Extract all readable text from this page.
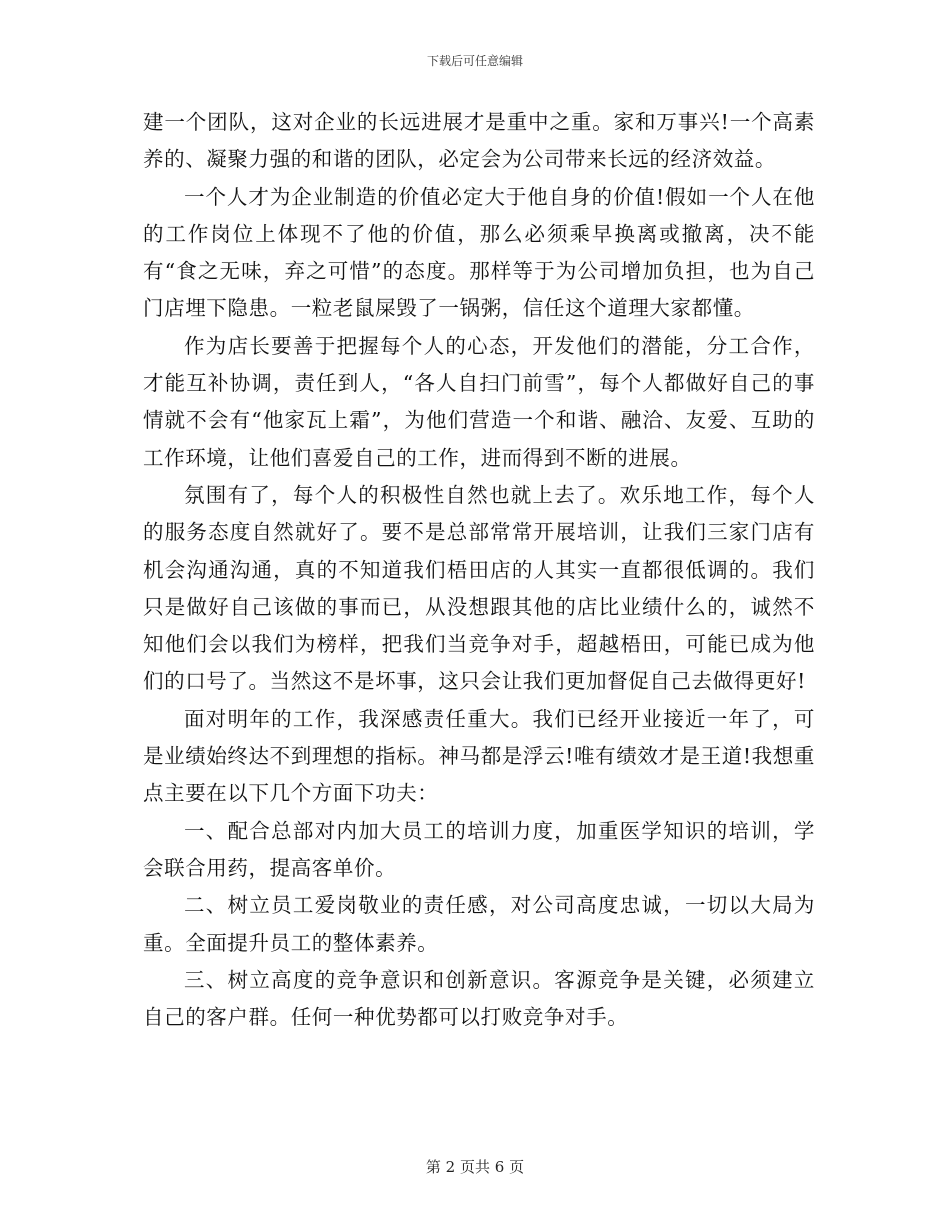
下载后可任意编辑

建一个团队，这对企业的长远进展才是重中之重。家和万事兴!一个高素养的、凝聚力强的和谐的团队，必定会为公司带来长远的经济效益。

一个人才为企业制造的价值必定大于他自身的价值!假如一个人在他的工作岗位上体现不了他的价值，那么必须乘早换离或撤离，决不能有“食之无味，弃之可惜”的态度。那样等于为公司增加负担，也为自己门店埋下隐患。一粒老鼠屎毁了一锅粥，信任这个道理大家都懂。

作为店长要善于把握每个人的心态，开发他们的潜能，分工合作，才能互补协调，责任到人，“各人自扫门前雪”，每个人都做好自己的事情就不会有“他家瓦上霜”，为他们营造一个和谐、融洽、友爱、互助的工作环境，让他们喜爱自己的工作，进而得到不断的进展。

氛围有了，每个人的积极性自然也就上去了。欢乐地工作，每个人的服务态度自然就好了。要不是总部常常开展培训，让我们三家门店有机会沟通沟通，真的不知道我们梧田店的人其实一直都很低调的。我们只是做好自己该做的事而已，从没想跟其他的店比业绩什么的，诚然不知他们会以我们为榜样，把我们当竞争对手，超越梧田，可能已成为他们的口号了。当然这不是坏事，这只会让我们更加督促自己去做得更好!

面对明年的工作，我深感责任重大。我们已经开业接近一年了，可是业绩始终达不到理想的指标。神马都是浮云!唯有绩效才是王道!我想重点主要在以下几个方面下功夫：

一、配合总部对内加大员工的培训力度，加重医学知识的培训，学会联合用药，提高客单价。

二、树立员工爱岗敬业的责任感，对公司高度忠诚，一切以大局为重。全面提升员工的整体素养。

三、树立高度的竞争意识和创新意识。客源竞争是关键，必须建立自己的客户群。任何一种优势都可以打败竞争对手。

第 2 页共 6 页
